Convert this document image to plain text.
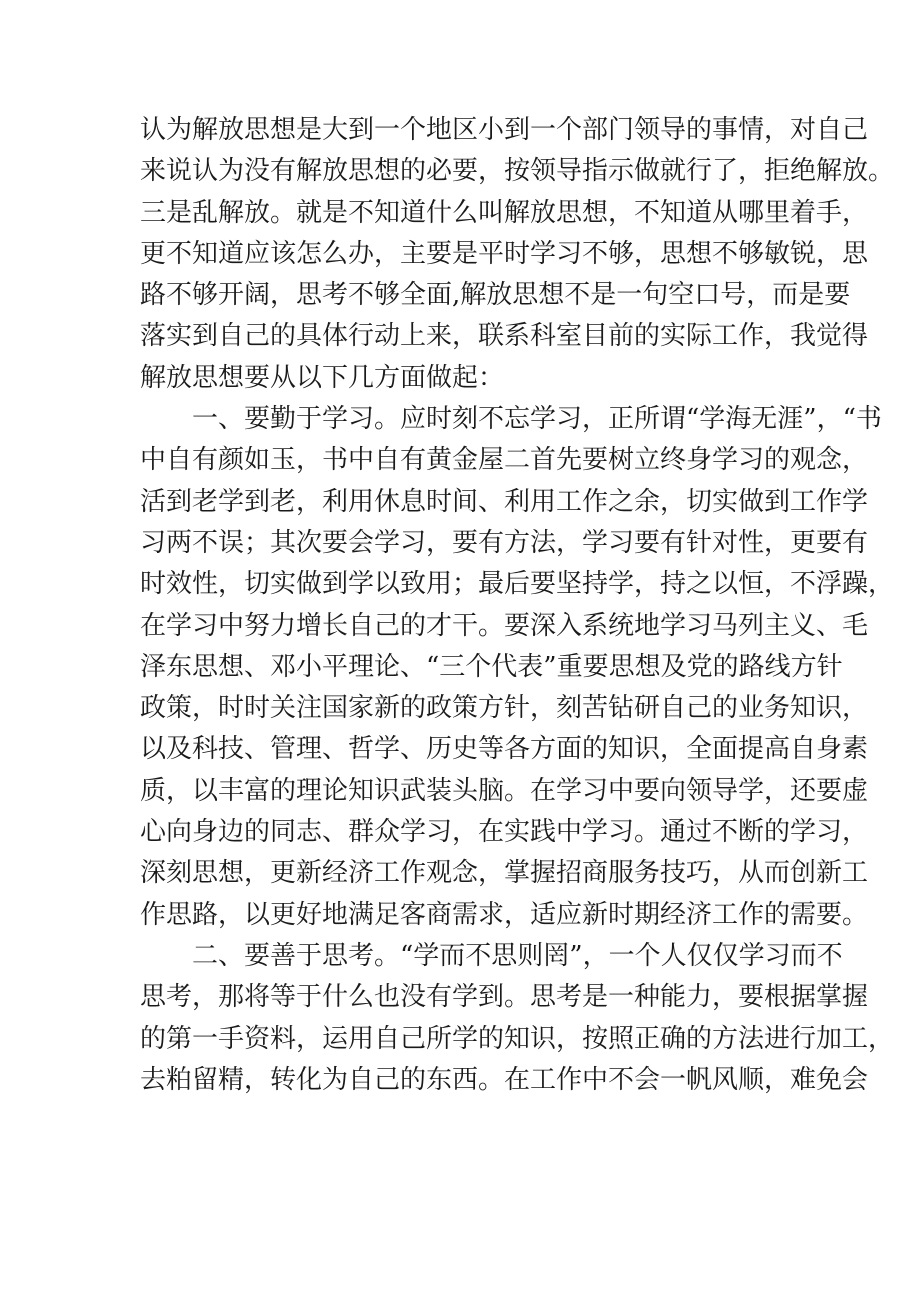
认为解放思想是大到一个地区小到一个部门领导的事情，对自己
来说认为没有解放思想的必要，按领导指示做就行了，拒绝解放。
三是乱解放。就是不知道什么叫解放思想，不知道从哪里着手，
更不知道应该怎么办，主要是平时学习不够，思想不够敏锐，思
路不够开阔，思考不够全面,解放思想不是一句空口号，而是要
落实到自己的具体行动上来，联系科室目前的实际工作，我觉得
解放思想要从以下几方面做起：
一、要勤于学习。应时刻不忘学习，正所谓“学海无涯”，“书
中自有颜如玉，书中自有黄金屋二首先要树立终身学习的观念，
活到老学到老，利用休息时间、利用工作之余，切实做到工作学
习两不误；其次要会学习，要有方法，学习要有针对性，更要有
时效性，切实做到学以致用；最后要坚持学，持之以恒，不浮躁，
在学习中努力增长自己的才干。要深入系统地学习马列主义、毛
泽东思想、邓小平理论、“三个代表”重要思想及党的路线方针
政策，时时关注国家新的政策方针，刻苦钻研自己的业务知识，
以及科技、管理、哲学、历史等各方面的知识，全面提高自身素
质，以丰富的理论知识武装头脑。在学习中要向领导学，还要虚
心向身边的同志、群众学习，在实践中学习。通过不断的学习，
深刻思想，更新经济工作观念，掌握招商服务技巧，从而创新工
作思路，以更好地满足客商需求，适应新时期经济工作的需要。
二、要善于思考。“学而不思则罔”，一个人仅仅学习而不
思考，那将等于什么也没有学到。思考是一种能力，要根据掌握
的第一手资料，运用自己所学的知识，按照正确的方法进行加工，
去粕留精，转化为自己的东西。在工作中不会一帆风顺，难免会
